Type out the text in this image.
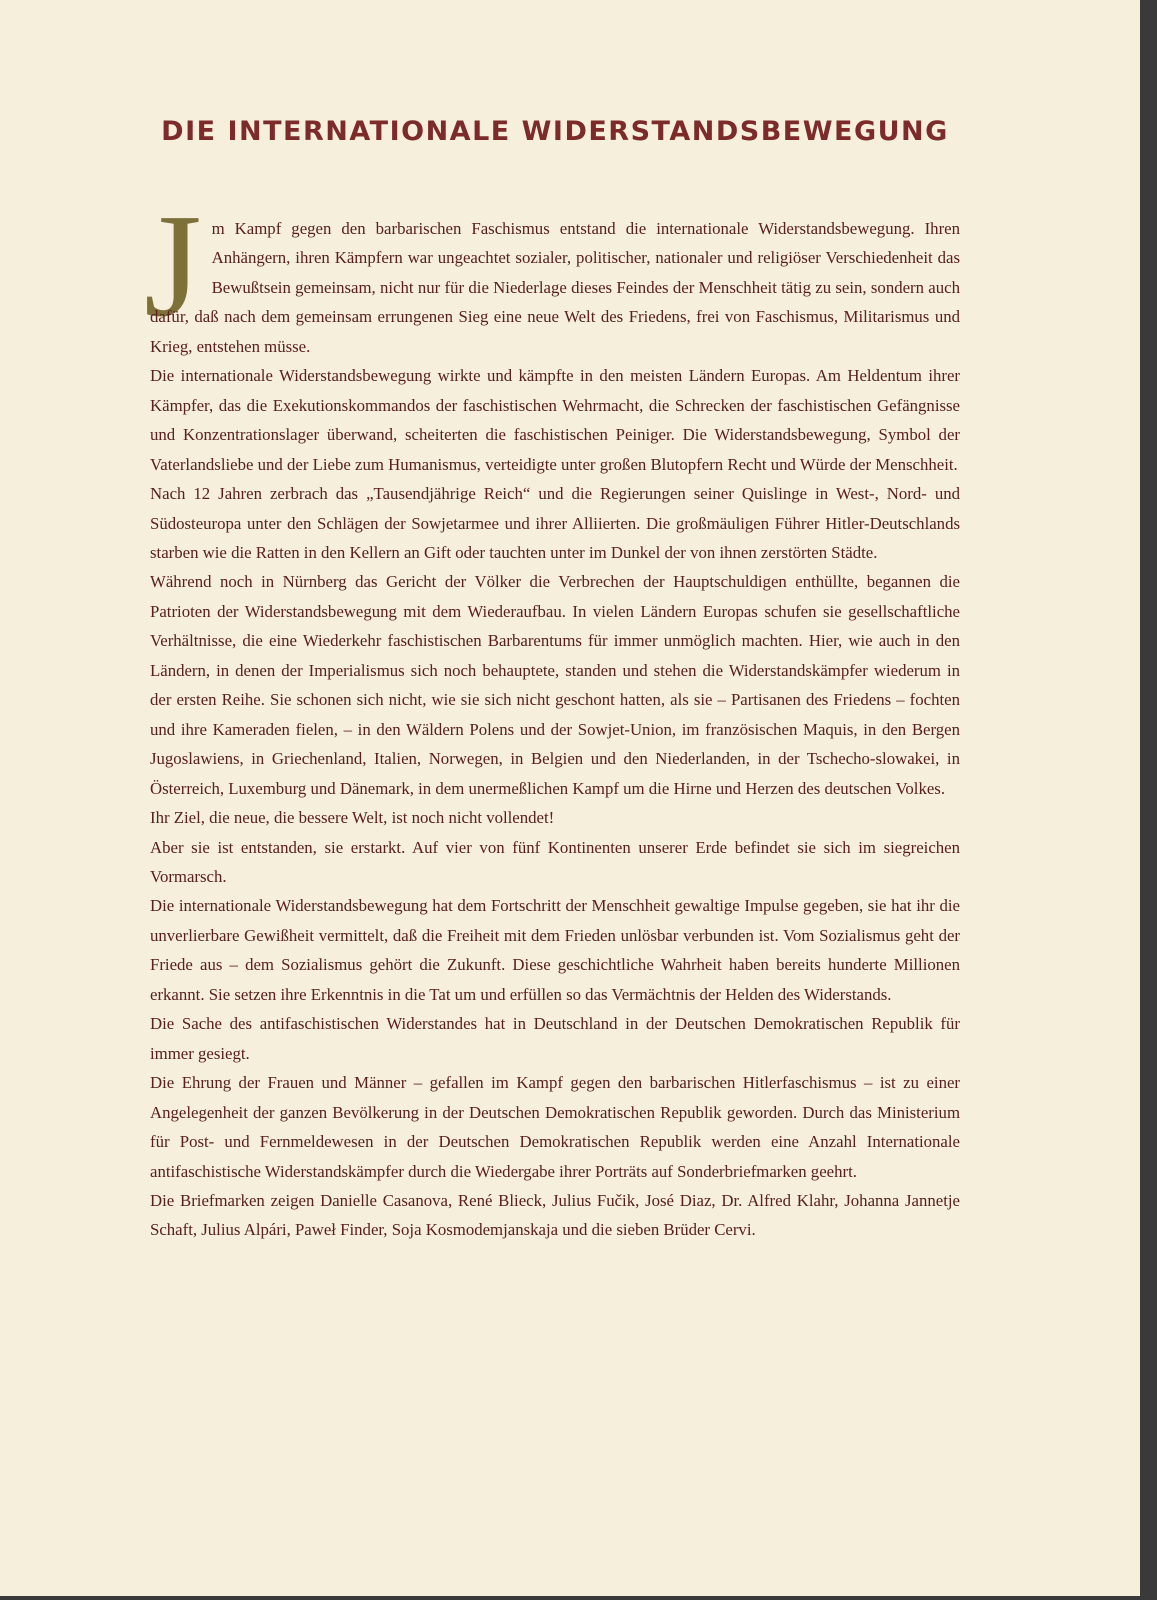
DIE INTERNATIONALE WIDERSTANDSBEWEGUNG

Jm Kampf gegen den barbarischen Faschismus entstand die internationale Widerstandsbewegung. Ihren Anhängern, ihren Kämpfern war ungeachtet sozialer, politischer, nationaler und religiöser Verschiedenheit das Bewußtsein gemeinsam, nicht nur für die Niederlage dieses Feindes der Menschheit tätig zu sein, sondern auch dafür, daß nach dem gemeinsam errungenen Sieg eine neue Welt des Friedens, frei von Faschismus, Militarismus und Krieg, entstehen müsse.

Die internationale Widerstandsbewegung wirkte und kämpfte in den meisten Ländern Europas. Am Heldentum ihrer Kämpfer, das die Exekutionskommandos der faschistischen Wehrmacht, die Schrecken der faschistischen Gefängnisse und Konzentrationslager überwand, scheiterten die faschistischen Peiniger. Die Widerstandsbewegung, Symbol der Vaterlandsliebe und der Liebe zum Humanismus, verteidigte unter großen Blutopfern Recht und Würde der Menschheit.

Nach 12 Jahren zerbrach das „Tausendjährige Reich“ und die Regierungen seiner Quislinge in West-, Nord- und Südosteuropa unter den Schlägen der Sowjetarmee und ihrer Alliierten. Die großmäuligen Führer Hitler-Deutschlands starben wie die Ratten in den Kellern an Gift oder tauchten unter im Dunkel der von ihnen zerstörten Städte.

Während noch in Nürnberg das Gericht der Völker die Verbrechen der Hauptschuldigen enthüllte, begannen die Patrioten der Widerstandsbewegung mit dem Wiederaufbau. In vielen Ländern Europas schufen sie gesellschaftliche Verhältnisse, die eine Wiederkehr faschistischen Barbarentums für immer unmöglich machten. Hier, wie auch in den Ländern, in denen der Imperialismus sich noch behauptete, standen und stehen die Widerstandskämpfer wiederum in der ersten Reihe. Sie schonen sich nicht, wie sie sich nicht geschont hatten, als sie – Partisanen des Friedens – fochten und ihre Kameraden fielen, – in den Wäldern Polens und der Sowjet-Union, im französischen Maquis, in den Bergen Jugoslawiens, in Griechenland, Italien, Norwegen, in Belgien und den Niederlanden, in der Tschecho-slowakei, in Österreich, Luxemburg und Dänemark, in dem unermeßlichen Kampf um die Hirne und Herzen des deutschen Volkes.

Ihr Ziel, die neue, die bessere Welt, ist noch nicht vollendet!

Aber sie ist entstanden, sie erstarkt. Auf vier von fünf Kontinenten unserer Erde befindet sie sich im siegreichen Vormarsch.

Die internationale Widerstandsbewegung hat dem Fortschritt der Menschheit gewaltige Impulse gegeben, sie hat ihr die unverlierbare Gewißheit vermittelt, daß die Freiheit mit dem Frieden unlösbar verbunden ist. Vom Sozialismus geht der Friede aus – dem Sozialismus gehört die Zukunft. Diese geschichtliche Wahrheit haben bereits hunderte Millionen erkannt. Sie setzen ihre Erkenntnis in die Tat um und erfüllen so das Vermächtnis der Helden des Widerstands.

Die Sache des antifaschistischen Widerstandes hat in Deutschland in der Deutschen Demokratischen Republik für immer gesiegt.

Die Ehrung der Frauen und Männer – gefallen im Kampf gegen den barbarischen Hitlerfaschismus – ist zu einer Angelegenheit der ganzen Bevölkerung in der Deutschen Demokratischen Republik geworden. Durch das Ministerium für Post- und Fernmeldewesen in der Deutschen Demokratischen Republik werden eine Anzahl Internationale antifaschistische Widerstandskämpfer durch die Wiedergabe ihrer Porträts auf Sonderbriefmarken geehrt.

Die Briefmarken zeigen Danielle Casanova, René Blieck, Julius Fučik, José Diaz, Dr. Alfred Klahr, Johanna Jannetje Schaft, Julius Alpári, Paweł Finder, Soja Kosmodemjanskaja und die sieben Brüder Cervi.
